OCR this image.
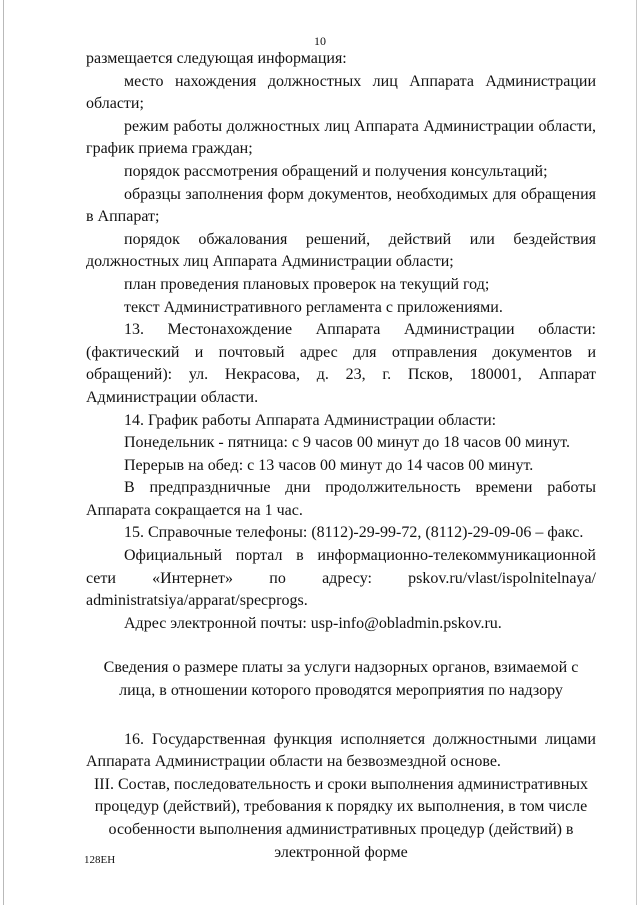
10

размещается следующая информация:

место нахождения должностных лиц Аппарата Администрации области;

режим работы должностных лиц Аппарата Администрации области, график приема граждан;

порядок рассмотрения обращений и получения консультаций;

образцы заполнения форм документов, необходимых для обращения в Аппарат;

порядок обжалования решений, действий или бездействия должностных лиц Аппарата Администрации области;

план проведения плановых проверок на текущий год;

текст Административного регламента с приложениями.

13. Местонахождение Аппарата Администрации области: (фактический и почтовый адрес для отправления документов и обращений): ул. Некрасова, д. 23, г. Псков, 180001, Аппарат Администрации области.

14. График работы Аппарата Администрации области:

Понедельник - пятница: с 9 часов 00 минут до 18 часов 00 минут.

Перерыв на обед: с 13 часов 00 минут до 14 часов 00 минут.

В предпраздничные дни продолжительность времени работы Аппарата сокращается на 1 час.

15. Справочные телефоны: (8112)-29-99-72, (8112)-29-09-06 – факс.

Официальный портал в информационно-телекоммуникационной сети «Интернет» по адресу: pskov.ru/vlast/ispolnitelnaya/ administratsiya/apparat/specprogs.

Адрес электронной почты: usp-info@obladmin.pskov.ru.

Сведения о размере платы за услуги надзорных органов, взимаемой с лица, в отношении которого проводятся мероприятия по надзору

16. Государственная функция исполняется должностными лицами Аппарата Администрации области на безвозмездной основе.

III. Состав, последовательность и сроки выполнения административных процедур (действий), требования к порядку их выполнения, в том числе особенности выполнения административных процедур (действий) в электронной форме

128ЕН
